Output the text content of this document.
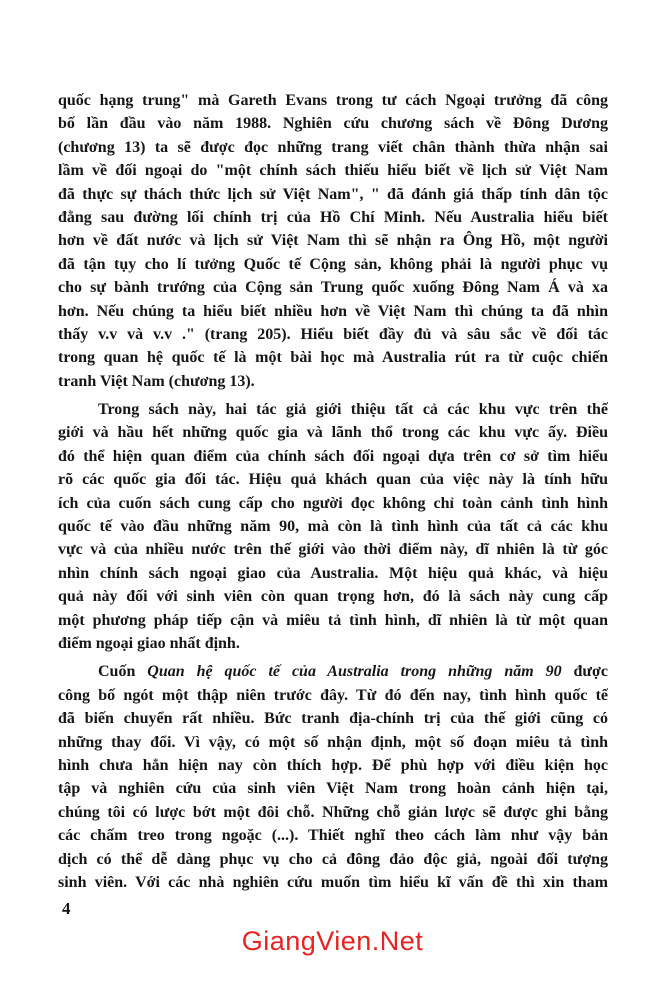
quốc hạng trung" mà Gareth Evans trong tư cách Ngoại trưởng đã công
bố lần đầu vào năm 1988. Nghiên cứu chương sách về Đông Dương
(chương 13) ta sẽ được đọc những trang viết chân thành thừa nhận sai
lầm về đối ngoại do "một chính sách thiếu hiểu biết về lịch sử Việt Nam
đã thực sự thách thức lịch sử Việt Nam", " đã đánh giá thấp tính dân tộc
đằng sau đường lối chính trị của Hồ Chí Minh. Nếu Australia hiểu biết
hơn về đất nước và lịch sử Việt Nam thì sẽ nhận ra Ông Hồ, một người
đã tận tụy cho lí tưởng Quốc tế Cộng sản, không phải là người phục vụ
cho sự bành trướng của Cộng sản Trung quốc xuống Đông Nam Á và xa
hơn. Nếu chúng ta hiểu biết nhiều hơn về Việt Nam thì chúng ta đã nhìn
thấy v.v và v.v ." (trang 205). Hiểu biết đầy đủ và sâu sắc về đối tác
trong quan hệ quốc tế là một bài học mà Australia rút ra từ cuộc chiến
tranh Việt Nam (chương 13).
Trong sách này, hai tác giả giới thiệu tất cả các khu vực trên thế
giới và hầu hết những quốc gia và lãnh thổ trong các khu vực ấy. Điều
đó thể hiện quan điểm của chính sách đối ngoại dựa trên cơ sở tìm hiểu
rõ các quốc gia đối tác. Hiệu quả khách quan của việc này là tính hữu
ích của cuốn sách cung cấp cho người đọc không chỉ toàn cảnh tình hình
quốc tế vào đầu những năm 90, mà còn là tình hình của tất cả các khu
vực và của nhiều nước trên thế giới vào thời điểm này, dĩ nhiên là từ góc
nhìn chính sách ngoại giao của Australia. Một hiệu quả khác, và hiệu
quả này đối với sinh viên còn quan trọng hơn, đó là sách này cung cấp
một phương pháp tiếp cận và miêu tả tình hình, dĩ nhiên là từ một quan
điểm ngoại giao nhất định.
Cuốn Quan hệ quốc tế của Australia trong những năm 90 được
công bố ngót một thập niên trước đây. Từ đó đến nay, tình hình quốc tế
đã biến chuyển rất nhiều. Bức tranh địa-chính trị của thế giới cũng có
những thay đổi. Vì vậy, có một số nhận định, một số đoạn miêu tả tình
hình chưa hẳn hiện nay còn thích hợp. Để phù hợp với điều kiện học
tập và nghiên cứu của sinh viên Việt Nam trong hoàn cảnh hiện tại,
chúng tôi có lược bớt một đôi chỗ. Những chỗ giản lược sẽ được ghi bằng
các chấm treo trong ngoặc (...). Thiết nghĩ theo cách làm như vậy bản
dịch có thể dễ dàng phục vụ cho cả đông đảo độc giả, ngoài đối tượng
sinh viên. Với các nhà nghiên cứu muốn tìm hiểu kĩ vấn đề thì xin tham
4
GiangVien.Net
